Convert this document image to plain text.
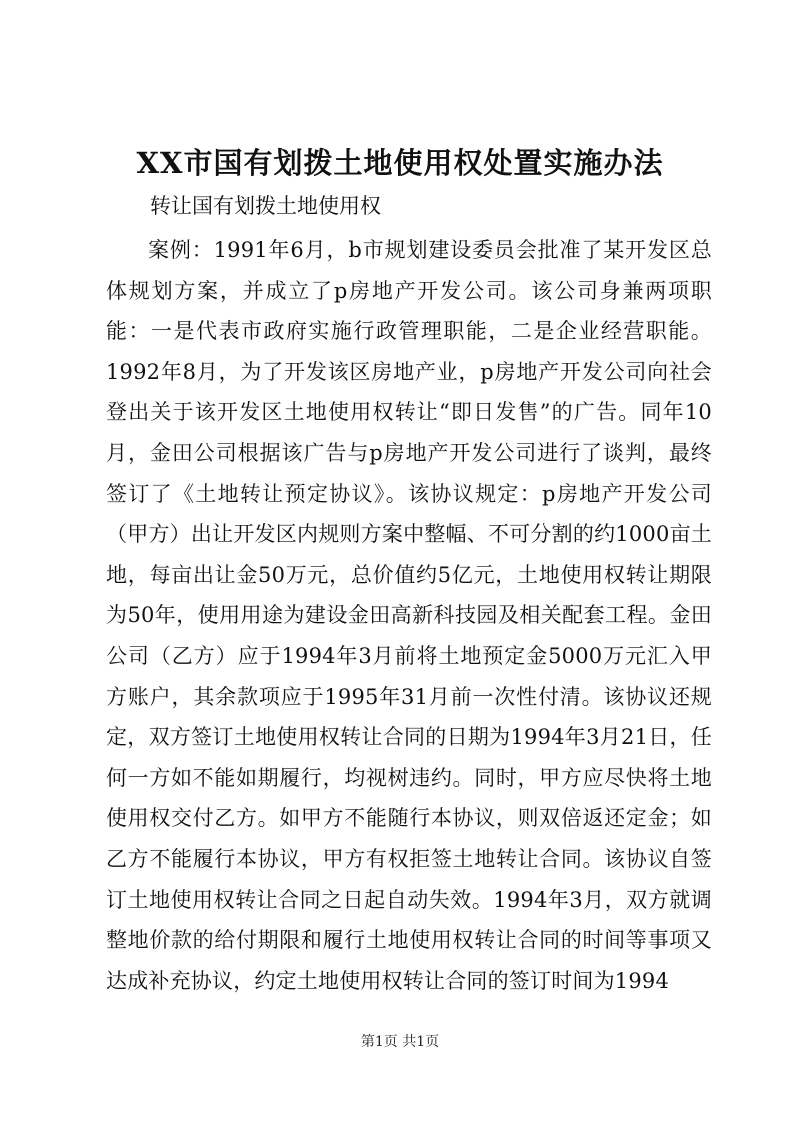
XX市国有划拨土地使用权处置实施办法
转让国有划拨土地使用权

案例：1991年6月，b市规划建设委员会批准了某开发区总体规划方案，并成立了p房地产开发公司。该公司身兼两项职能：一是代表市政府实施行政管理职能，二是企业经营职能。1992年8月，为了开发该区房地产业，p房地产开发公司向社会登出关于该开发区土地使用权转让“即日发售”的广告。同年10月，金田公司根据该广告与p房地产开发公司进行了谈判，最终签订了《土地转让预定协议》。该协议规定：p房地产开发公司（甲方）出让开发区内规则方案中整幅、不可分割的约1000亩土地，每亩出让金50万元，总价值约5亿元，土地使用权转让期限为50年，使用用途为建设金田高新科技园及相关配套工程。金田公司（乙方）应于1994年3月前将土地预定金5000万元汇入甲方账户，其余款项应于1995年31月前一次性付清。该协议还规定，双方签订土地使用权转让合同的日期为1994年3月21日，任何一方如不能如期履行，均视树违约。同时，甲方应尽快将土地使用权交付乙方。如甲方不能随行本协议，则双倍返还定金；如乙方不能履行本协议，甲方有权拒签土地转让合同。该协议自签订土地使用权转让合同之日起自动失效。1994年3月，双方就调整地价款的给付期限和履行土地使用权转让合同的时间等事项又达成补充协议，约定土地使用权转让合同的签订时间为1994

第1页 共1页
